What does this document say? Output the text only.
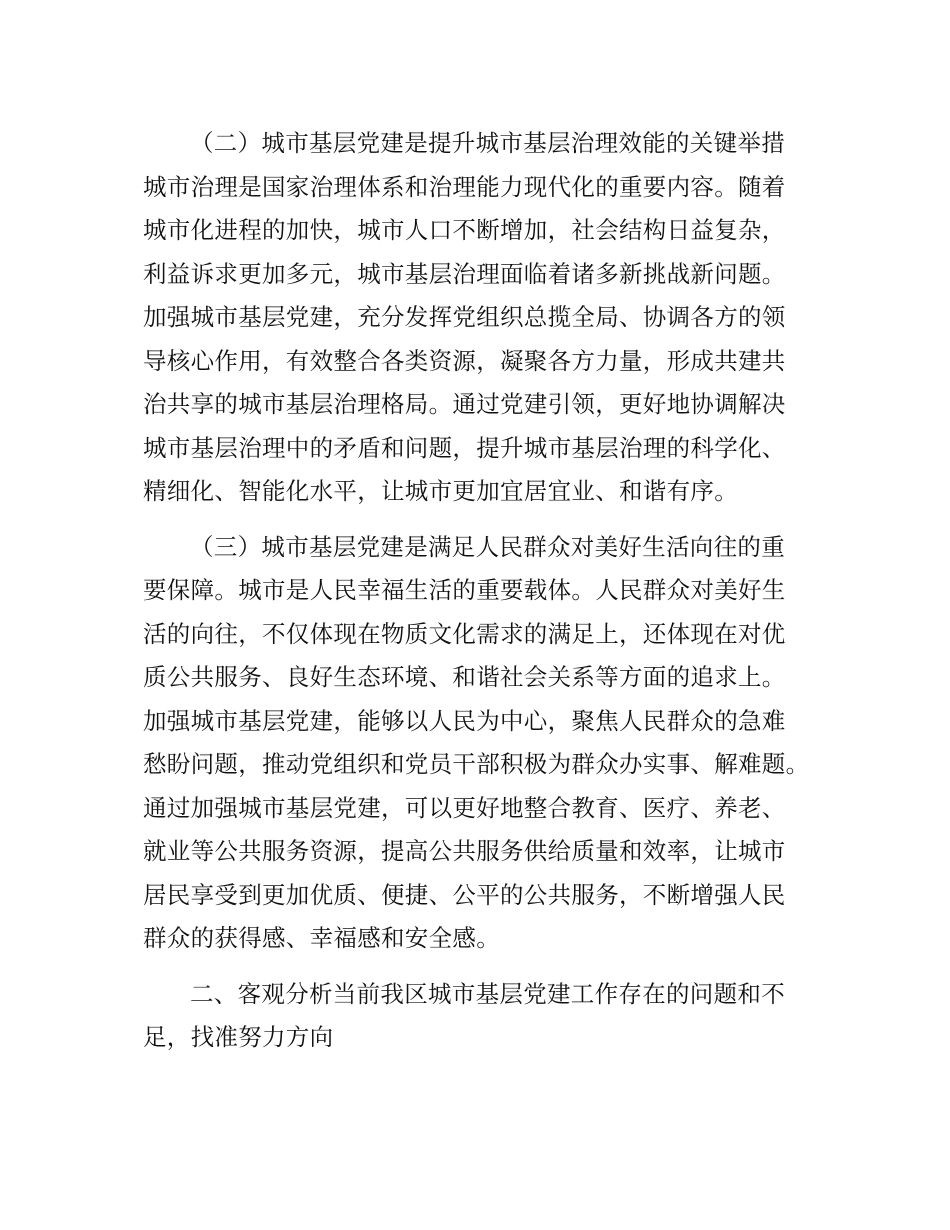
（二）城市基层党建是提升城市基层治理效能的关键举措
城市治理是国家治理体系和治理能力现代化的重要内容。随着
城市化进程的加快，城市人口不断增加，社会结构日益复杂，
利益诉求更加多元，城市基层治理面临着诸多新挑战新问题。
加强城市基层党建，充分发挥党组织总揽全局、协调各方的领
导核心作用，有效整合各类资源，凝聚各方力量，形成共建共
治共享的城市基层治理格局。通过党建引领，更好地协调解决
城市基层治理中的矛盾和问题，提升城市基层治理的科学化、
精细化、智能化水平，让城市更加宜居宜业、和谐有序。
（三）城市基层党建是满足人民群众对美好生活向往的重
要保障。城市是人民幸福生活的重要载体。人民群众对美好生
活的向往，不仅体现在物质文化需求的满足上，还体现在对优
质公共服务、良好生态环境、和谐社会关系等方面的追求上。
加强城市基层党建，能够以人民为中心，聚焦人民群众的急难
愁盼问题，推动党组织和党员干部积极为群众办实事、解难题。
通过加强城市基层党建，可以更好地整合教育、医疗、养老、
就业等公共服务资源，提高公共服务供给质量和效率，让城市
居民享受到更加优质、便捷、公平的公共服务，不断增强人民
群众的获得感、幸福感和安全感。
二、客观分析当前我区城市基层党建工作存在的问题和不
足，找准努力方向
